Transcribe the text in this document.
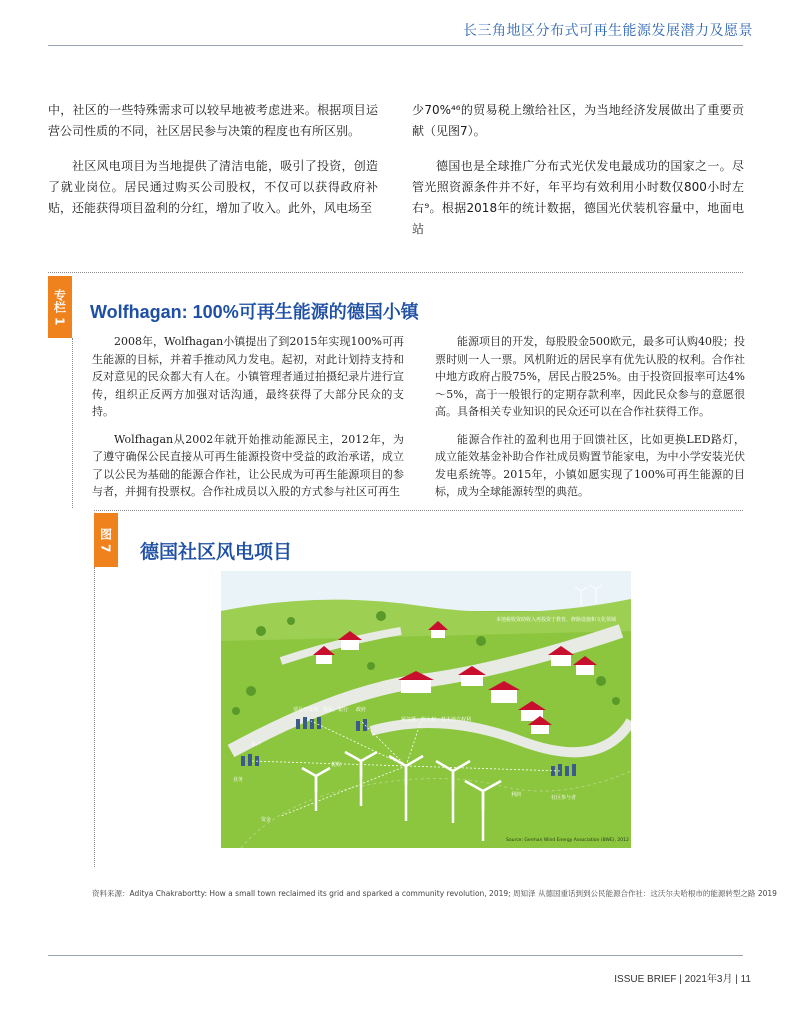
长三角地区分布式可再生能源发展潜力及愿景

中，社区的一些特殊需求可以较早地被考虑进来。根据项目运营公司性质的不同，社区居民参与决策的程度也有所区别。

社区风电项目为当地提供了清洁电能，吸引了投资，创造了就业岗位。居民通过购买公司股权，不仅可以获得政府补贴，还能获得项目盈利的分红，增加了收入。此外，风电场至

少70%⁴⁶的贸易税上缴给社区，为当地经济发展做出了重要贡献（见图7）。

德国也是全球推广分布式光伏发电最成功的国家之一。尽管光照资源条件并不好，年平均有效利用小时数仅800小时左右⁹。根据2018年的统计数据，德国光伏装机容量中，地面电站

专栏 1	Wolfhagan: 100%可再生能源的德国小镇

2008年，Wolfhagan小镇提出了到2015年实现100%可再生能源的目标，并着手推动风力发电。起初，对此计划持支持和反对意见的民众都大有人在。小镇管理者通过拍摄纪录片进行宣传，组织正反两方加强对话沟通，最终获得了大部分民众的支持。

Wolfhagan从2002年就开始推动能源民主，2012年，为了遵守确保公民直接从可再生能源投资中受益的政治承诺，成立了以公民为基础的能源合作社，让公民成为可再生能源项目的参与者，并拥有投票权。合作社成员以入股的方式参与社区可再生

能源项目的开发，每股股金500欧元，最多可认购40股；投票时则一人一票。风机附近的居民享有优先认股的权利。合作社中地方政府占股75%，居民占股25%。由于投资回报率可达4%～5%，高于一般银行的定期存款利率，因此民众参与的意愿很高。具备相关专业知识的民众还可以在合作社获得工作。

能源合作社的盈利也用于回馈社区，比如更换LED路灯，成立能效基金补助合作社成员购置节能家电，为中小学安装光伏发电系统等。2015年，小镇如愿实现了100%可再生能源的目标，成为全球能源转型的典范。

图 7 德国社区风电项目
本地税收资助收入再投资于教育、修路设施和文化领域
项目开发商、股东、银行 政府
紧急援、收入权、基本地方权利
客户
业务
税收
资金
利润	社区参与者
Source: German Wind Energy Association (BWE), 2012
资料来源：Aditya Chakrabortty: How a small town reclaimed its grid and sparked a community revolution, 2019; 周知泽 从德国重话到到公民能源合作社：这沃尔夫哈根市的能源转型之路 2019
ISSUE BRIEF | 2021年3月 | 11
